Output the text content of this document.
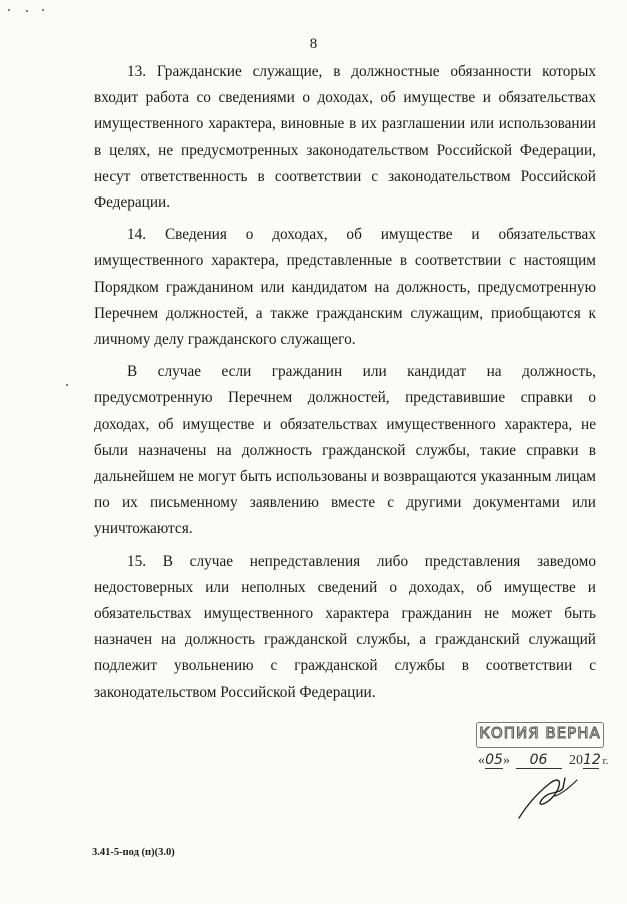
8

13. Гражданские служащие, в должностные обязанности которых входит работа со сведениями о доходах, об имуществе и обязательствах имущественного характера, виновные в их разглашении или использовании в целях, не предусмотренных законодательством Российской Федерации, несут ответственность в соответствии с законодательством Российской Федерации.

14. Сведения о доходах, об имуществе и обязательствах имущественного характера, представленные в соответствии с настоящим Порядком гражданином или кандидатом на должность, предусмотренную Перечнем должностей, а также гражданским служащим, приобщаются к личному делу гражданского служащего.

В случае если гражданин или кандидат на должность, предусмотренную Перечнем должностей, представившие справки о доходах, об имуществе и обязательствах имущественного характера, не были назначены на должность гражданской службы, такие справки в дальнейшем не могут быть использованы и возвращаются указанным лицам по их письменному заявлению вместе с другими документами или уничтожаются.

15. В случае непредставления либо представления заведомо недостоверных или неполных сведений о доходах, об имуществе и обязательствах имущественного характера гражданин не может быть назначен на должность гражданской службы, а гражданский служащий подлежит увольнению с гражданской службы в соответствии с законодательством Российской Федерации.

КОПИЯ ВЕРНА
«05» 06 2012 г.
3.41-5-под (п)(3.0)
